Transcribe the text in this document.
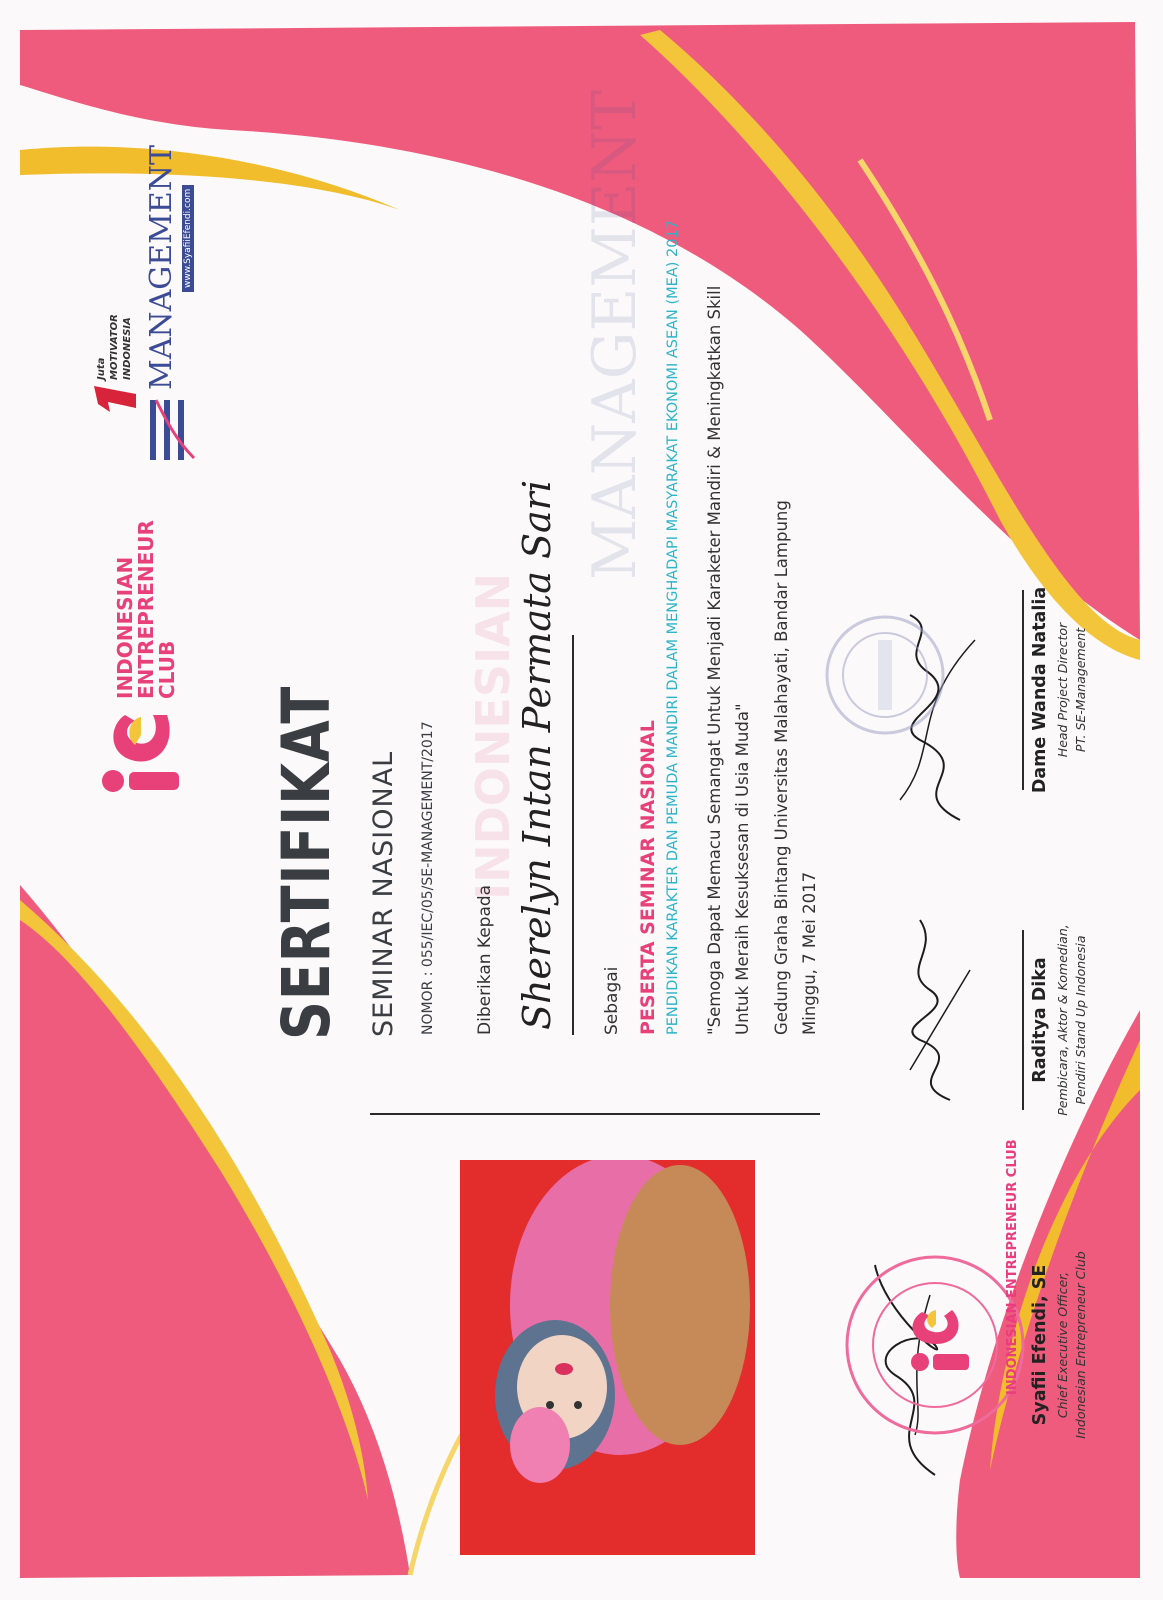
INDONESIAN
ENTREPRENEUR
CLUB
Juta MOTIVATOR INDONESIA MANAGEMENT www.SyafiiEfendi.com	MANAGEMENT
INDONESIAN
SERTIFIKAT SEMINAR NASIONAL NOMOR : 055/IEC/05/SE-MANAGEMENT/2017 Diberikan Kepada Sherelyn Intan Permata Sari	Sebagai PESERTA SEMINAR NASIONAL PENDIDIKAN KARAKTER DAN PEMUDA MANDIRI DALAM MENGHADAPI MASYARAKAT EKONOMI ASEAN (MEA) 2017 "Semoga Dapat Memacu Semangat Untuk Menjadi Karaketer Mandiri & Meningkatkan Skill Untuk Meraih Kesuksesan di Usia Muda" Gedung Graha Bintang Universitas Malahayati, Bandar Lampung Minggu, 7 Mei 2017
INDONESIAN ENTREPRENEUR CLUB Syafii Efendi, SE Chief Executive Officer, Indonesian Entrepreneur Club
Raditya Dika Pembicara, Aktor & Komedian, Pendiri Stand Up Indonesia
Dame Wanda Natalia Head Project Director PT. SE-Management
